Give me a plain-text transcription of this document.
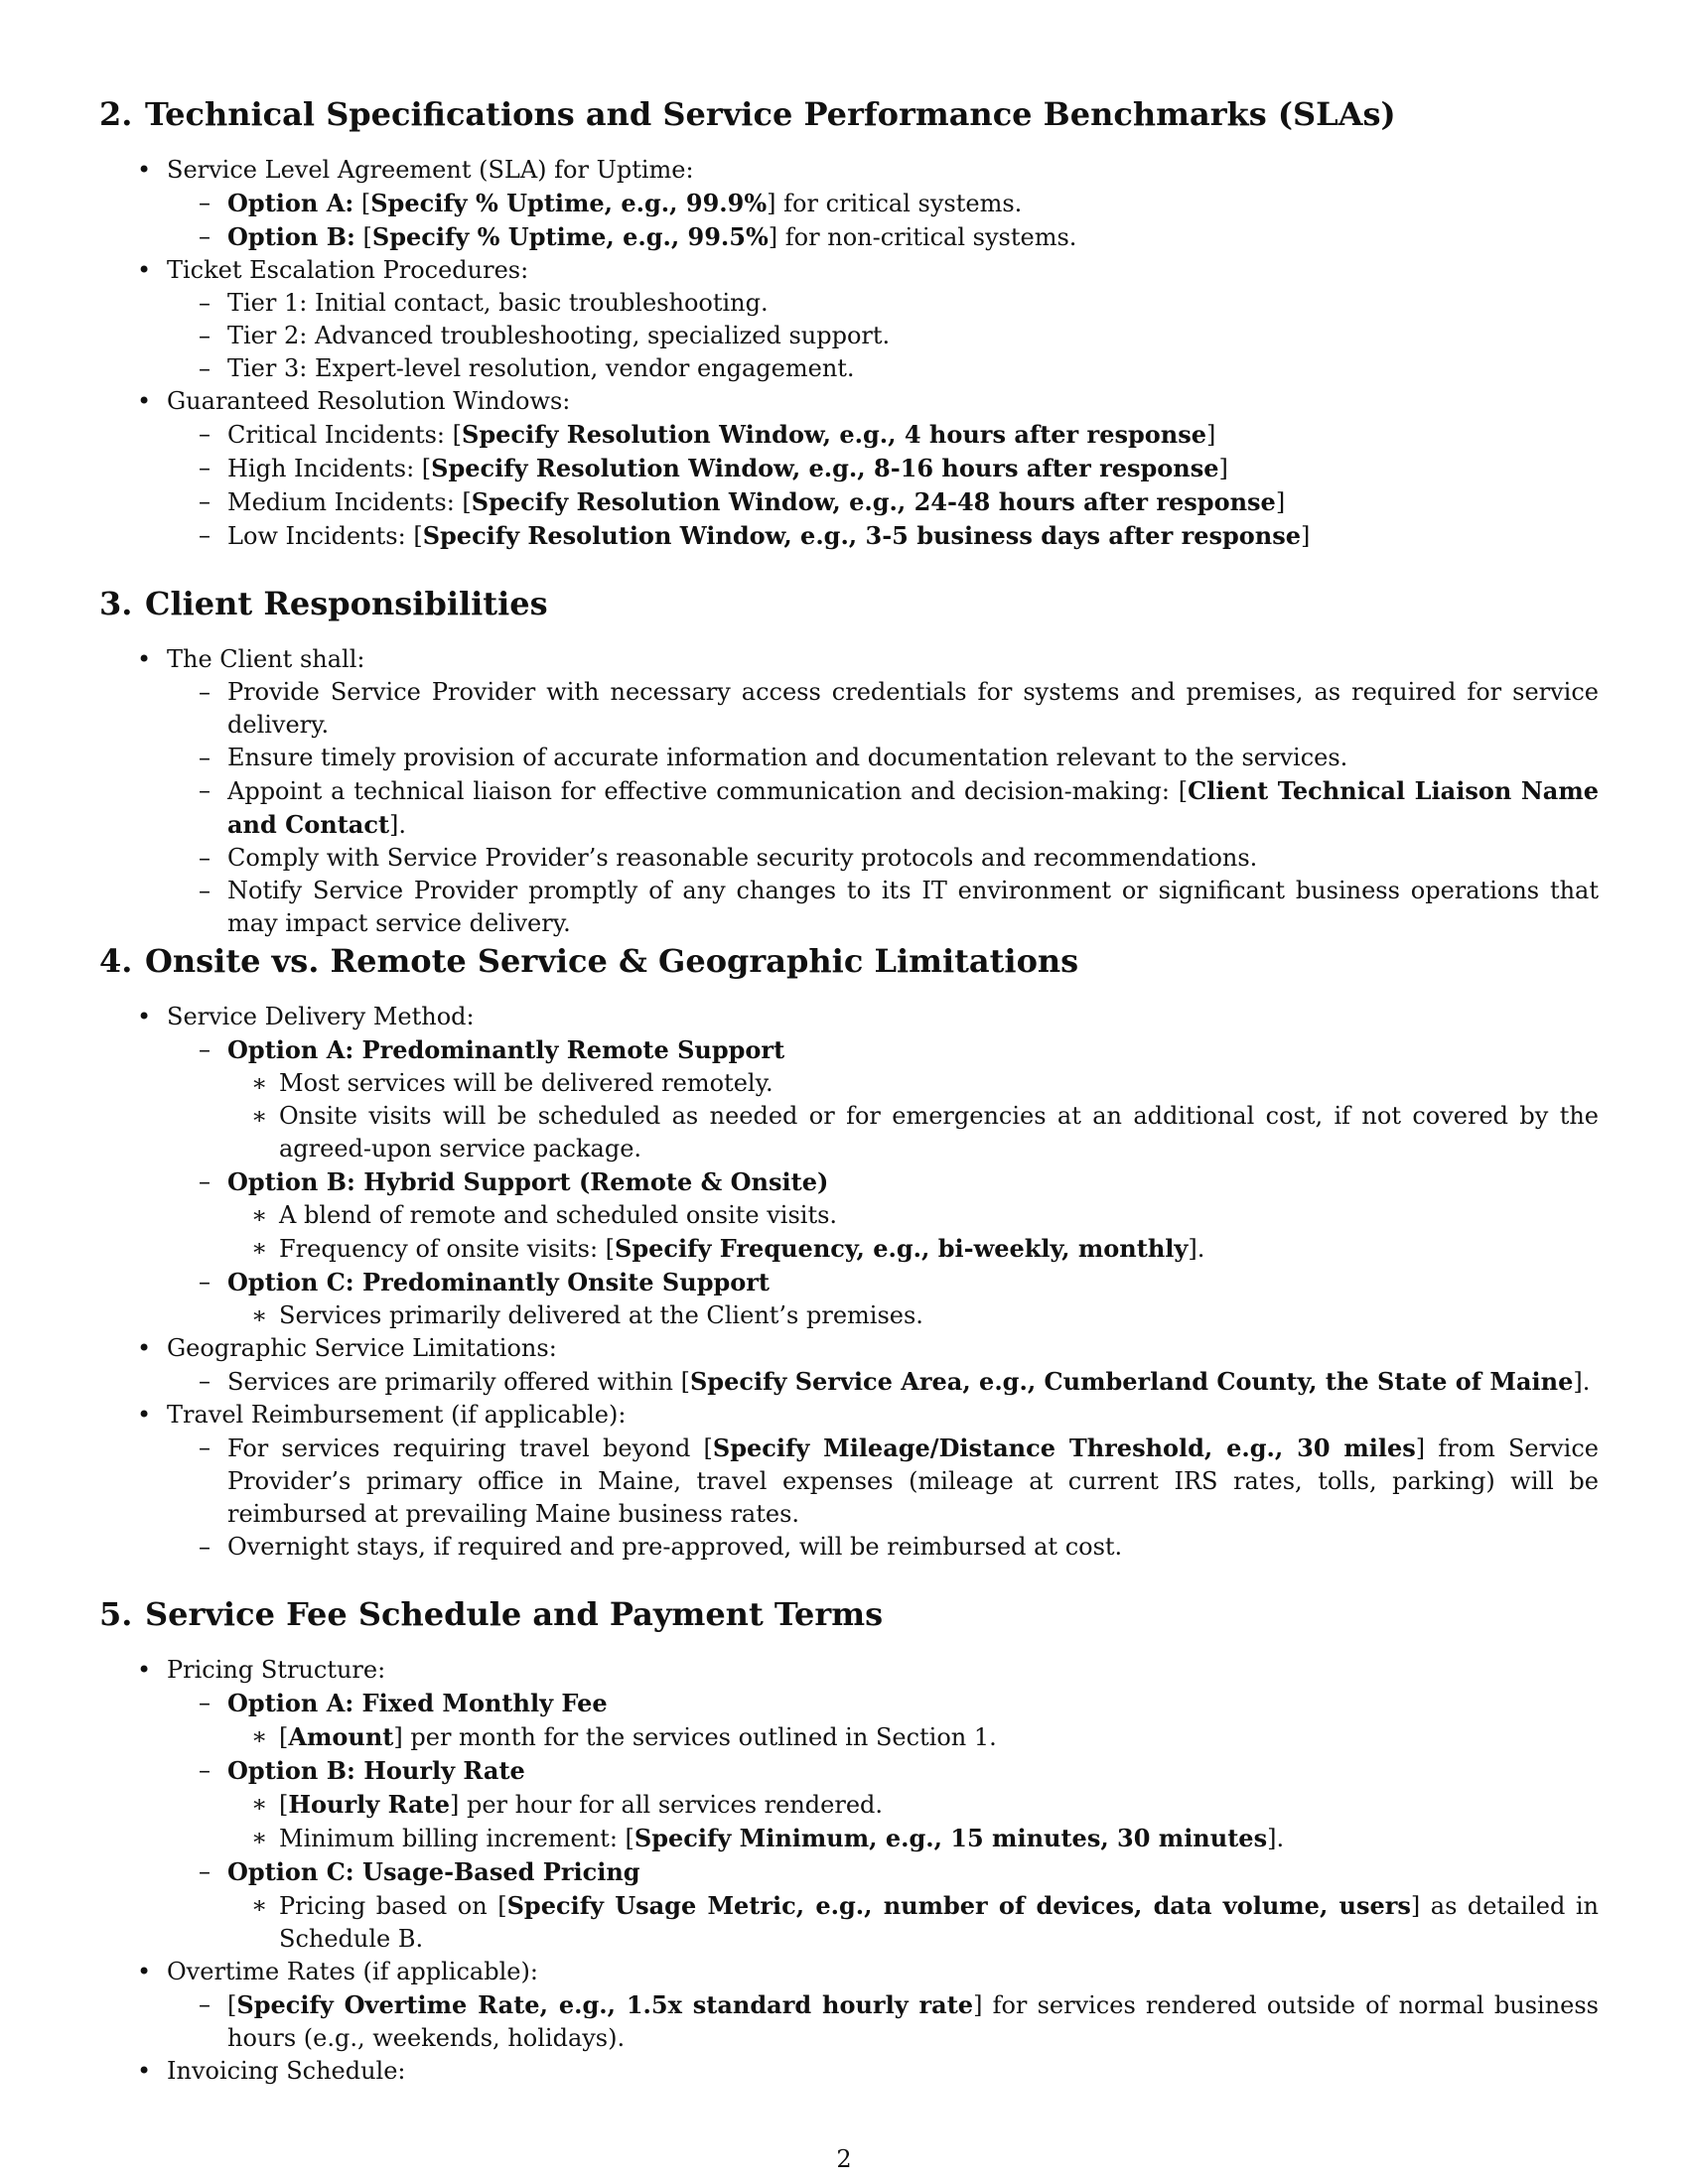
2. Technical Specifications and Service Performance Benchmarks (SLAs)
• Service Level Agreement (SLA) for Uptime:
– Option A: [Specify % Uptime, e.g., 99.9%] for critical systems.
– Option B: [Specify % Uptime, e.g., 99.5%] for non-critical systems.
• Ticket Escalation Procedures:
– Tier 1: Initial contact, basic troubleshooting.
– Tier 2: Advanced troubleshooting, specialized support.
– Tier 3: Expert-level resolution, vendor engagement.
• Guaranteed Resolution Windows:
– Critical Incidents: [Specify Resolution Window, e.g., 4 hours after response]
– High Incidents: [Specify Resolution Window, e.g., 8-16 hours after response]
– Medium Incidents: [Specify Resolution Window, e.g., 24-48 hours after response]
– Low Incidents: [Specify Resolution Window, e.g., 3-5 business days after response]
3. Client Responsibilities
• The Client shall:
– Provide Service Provider with necessary access credentials for systems and premises, as required for service delivery.
– Ensure timely provision of accurate information and documentation relevant to the services.
– Appoint a technical liaison for effective communication and decision-making: [Client Technical Liaison Name and Contact].
– Comply with Service Provider’s reasonable security protocols and recommendations.
– Notify Service Provider promptly of any changes to its IT environment or significant business operations that may impact service delivery.
4. Onsite vs. Remote Service & Geographic Limitations
• Service Delivery Method:
– Option A: Predominantly Remote Support
∗ Most services will be delivered remotely.
∗ Onsite visits will be scheduled as needed or for emergencies at an additional cost, if not covered by the agreed-upon service package.
– Option B: Hybrid Support (Remote & Onsite)
∗ A blend of remote and scheduled onsite visits.
∗ Frequency of onsite visits: [Specify Frequency, e.g., bi-weekly, monthly].
– Option C: Predominantly Onsite Support
∗ Services primarily delivered at the Client’s premises.
• Geographic Service Limitations:
– Services are primarily offered within [Specify Service Area, e.g., Cumberland County, the State of Maine].
• Travel Reimbursement (if applicable):
– For services requiring travel beyond [Specify Mileage/Distance Threshold, e.g., 30 miles] from Service Provider’s primary office in Maine, travel expenses (mileage at current IRS rates, tolls, parking) will be reimbursed at prevailing Maine business rates.
– Overnight stays, if required and pre-approved, will be reimbursed at cost.
5. Service Fee Schedule and Payment Terms
• Pricing Structure:
– Option A: Fixed Monthly Fee
∗ [Amount] per month for the services outlined in Section 1.
– Option B: Hourly Rate
∗ [Hourly Rate] per hour for all services rendered.
∗ Minimum billing increment: [Specify Minimum, e.g., 15 minutes, 30 minutes].
– Option C: Usage-Based Pricing
∗ Pricing based on [Specify Usage Metric, e.g., number of devices, data volume, users] as detailed in Schedule B.
• Overtime Rates (if applicable):
– [Specify Overtime Rate, e.g., 1.5x standard hourly rate] for services rendered outside of normal business hours (e.g., weekends, holidays).
• Invoicing Schedule:
2
